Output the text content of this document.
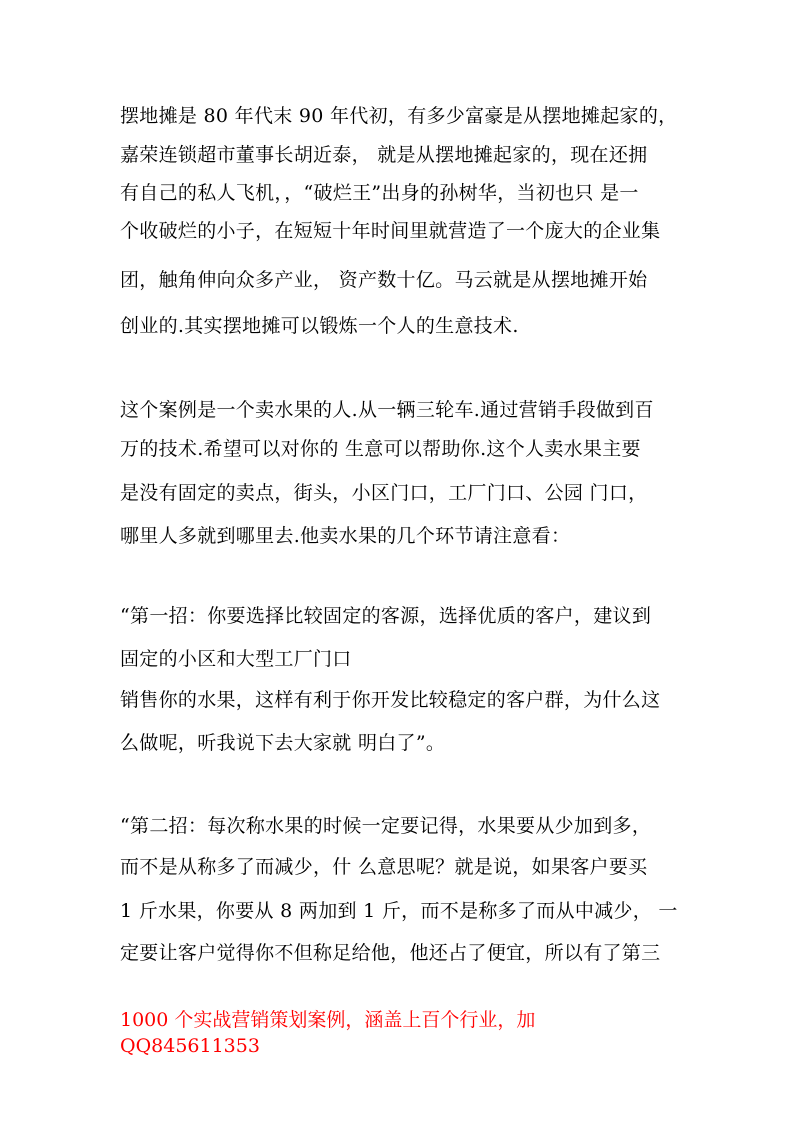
摆地摊是 80 年代末 90 年代初，有多少富豪是从摆地摊起家的，
嘉荣连锁超市董事长胡近泰， 就是从摆地摊起家的，现在还拥
有自己的私人飞机，，“破烂王”出身的孙树华，当初也只 是一
个收破烂的小子，在短短十年时间里就营造了一个庞大的企业集
团，触角伸向众多产业， 资产数十亿。马云就是从摆地摊开始
创业的.其实摆地摊可以锻炼一个人的生意技术.
这个案例是一个卖水果的人.从一辆三轮车.通过营销手段做到百
万的技术.希望可以对你的 生意可以帮助你.这个人卖水果主要
是没有固定的卖点，街头，小区门口，工厂门口、公园 门口，
哪里人多就到哪里去.他卖水果的几个环节请注意看：
“第一招：你要选择比较固定的客源，选择优质的客户，建议到
固定的小区和大型工厂门口
销售你的水果，这样有利于你开发比较稳定的客户群，为什么这
么做呢，听我说下去大家就 明白了”。
“第二招：每次称水果的时候一定要记得，水果要从少加到多，
而不是从称多了而减少，什 么意思呢？就是说，如果客户要买
1 斤水果，你要从 8 两加到 1 斤，而不是称多了而从中减少， 一
定要让客户觉得你不但称足给他，他还占了便宜，所以有了第三
1000 个实战营销策划案例，涵盖上百个行业，加
QQ845611353
